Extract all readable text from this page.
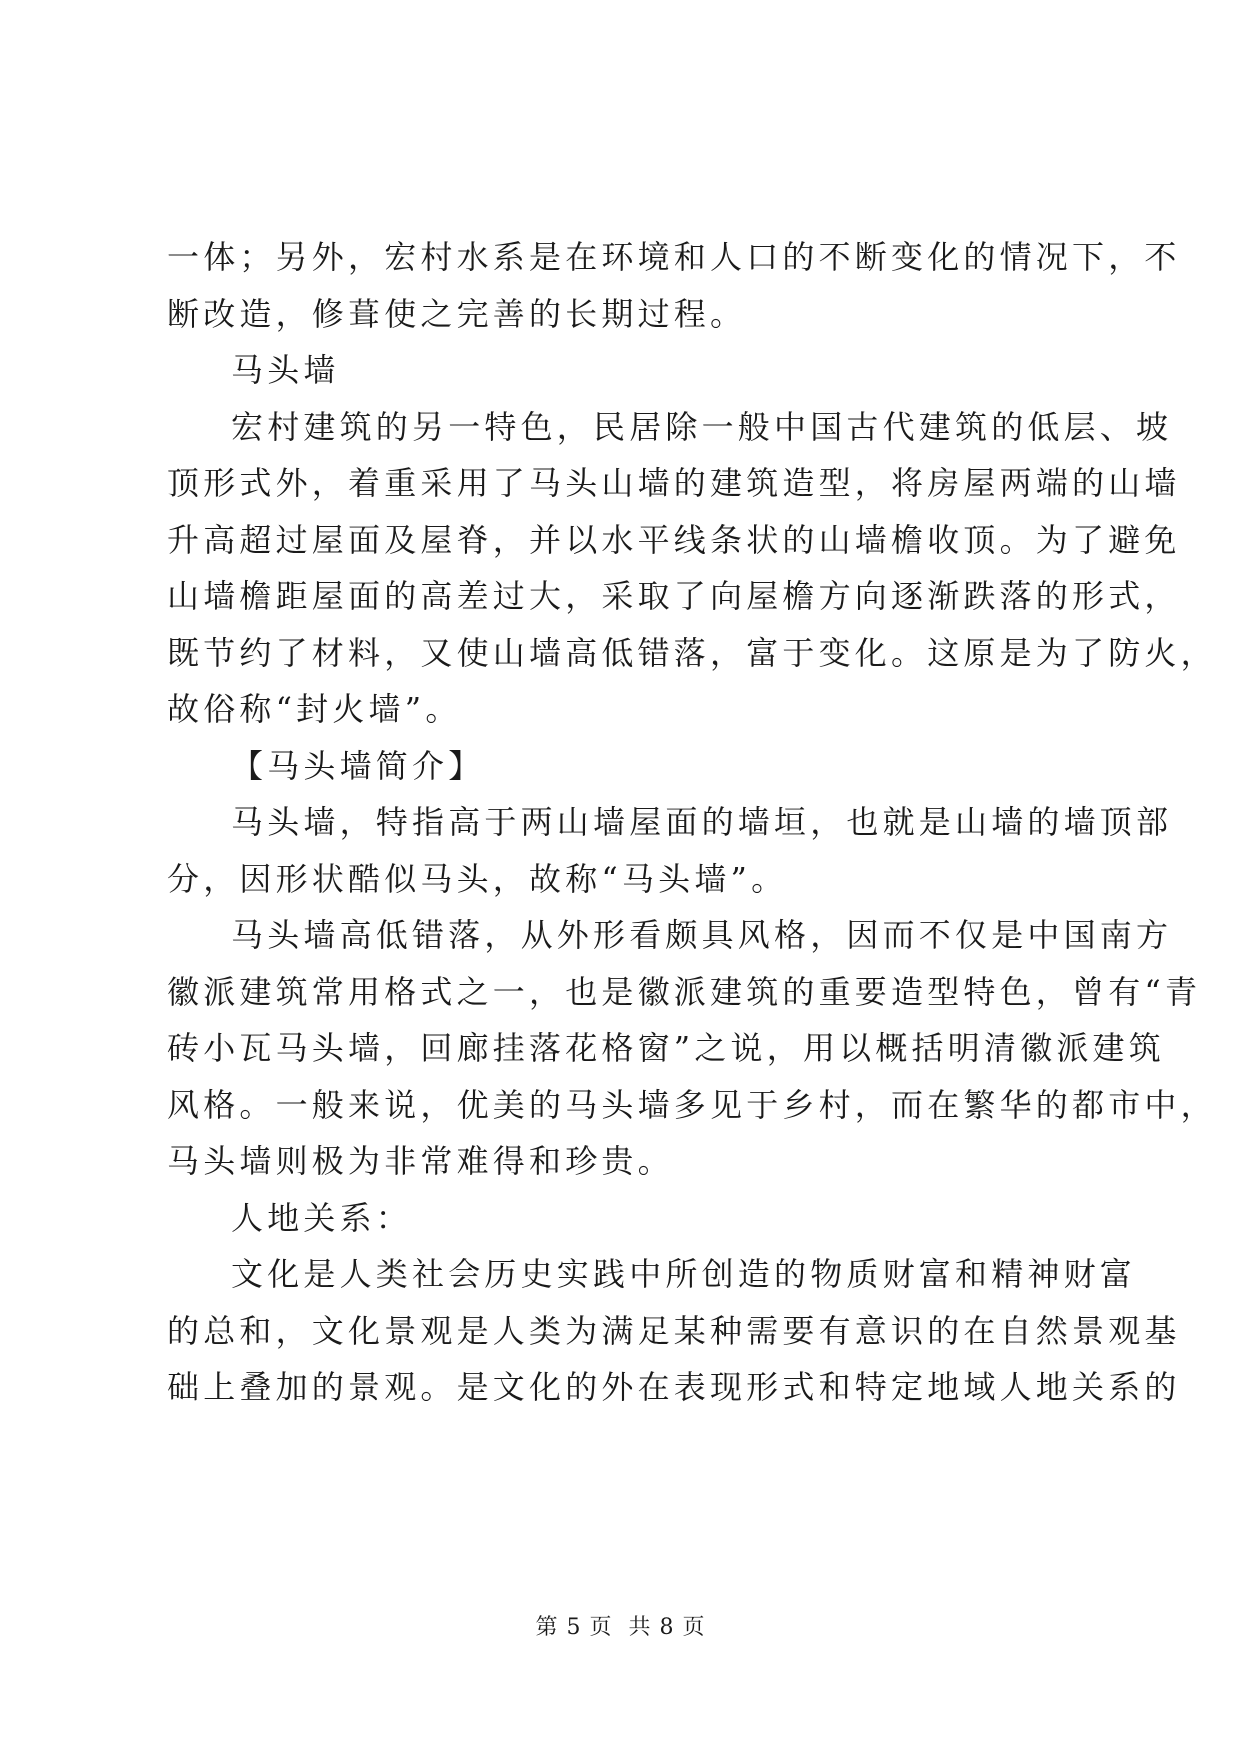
一体；另外，宏村水系是在环境和人口的不断变化的情况下，不
断改造，修葺使之完善的长期过程。
马头墙
宏村建筑的另一特色，民居除一般中国古代建筑的低层、坡
顶形式外，着重采用了马头山墙的建筑造型，将房屋两端的山墙
升高超过屋面及屋脊，并以水平线条状的山墙檐收顶。为了避免
山墙檐距屋面的高差过大，采取了向屋檐方向逐渐跌落的形式，
既节约了材料，又使山墙高低错落，富于变化。这原是为了防火，
故俗称“封火墙”。
【马头墙简介】
马头墙，特指高于两山墙屋面的墙垣，也就是山墙的墙顶部
分，因形状酷似马头，故称“马头墙”。
马头墙高低错落，从外形看颇具风格，因而不仅是中国南方
徽派建筑常用格式之一，也是徽派建筑的重要造型特色，曾有“青
砖小瓦马头墙，回廊挂落花格窗”之说，用以概括明清徽派建筑
风格。一般来说，优美的马头墙多见于乡村，而在繁华的都市中，
马头墙则极为非常难得和珍贵。
人地关系：
文化是人类社会历史实践中所创造的物质财富和精神财富
的总和，文化景观是人类为满足某种需要有意识的在自然景观基
础上叠加的景观。是文化的外在表现形式和特定地域人地关系的
第 5 页 共 8 页
